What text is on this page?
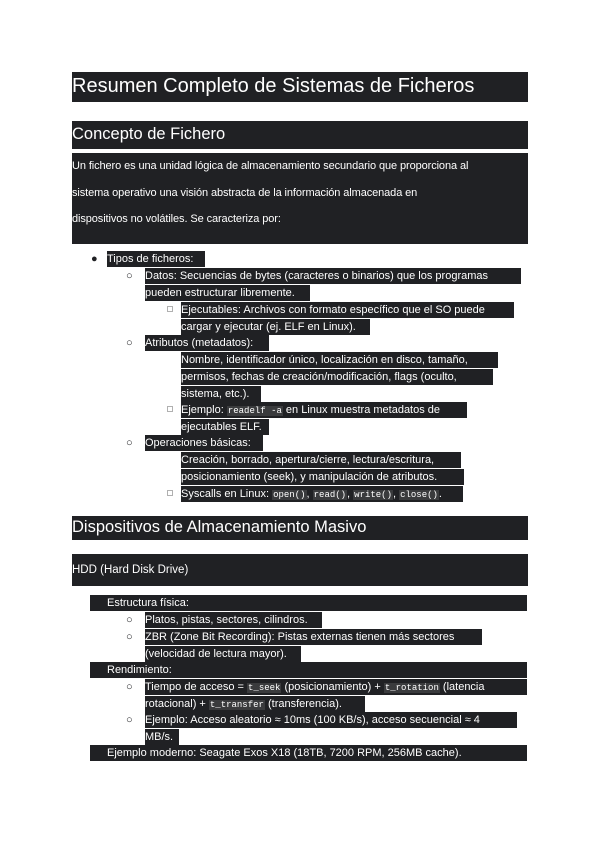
Resumen Completo de Sistemas de Ficheros
Concepto de Fichero
Un fichero es una unidad lógica de almacenamiento secundario que proporciona al
sistema operativo una visión abstracta de la información almacenada en
dispositivos no volátiles. Se caracteriza por:
● Tipos de ficheros:
○ Datos: Secuencias de bytes (caracteres o binarios) que los programas
pueden estructurar libremente.
Ejecutables: Archivos con formato específico que el SO puede
cargar y ejecutar (ej. ELF en Linux).
○ Atributos (metadatos):
Nombre, identificador único, localización en disco, tamaño,
permisos, fechas de creación/modificación, flags (oculto,
sistema, etc.).
Ejemplo: readelf -a en Linux muestra metadatos de
ejecutables ELF.
○ Operaciones básicas:
Creación, borrado, apertura/cierre, lectura/escritura,
posicionamiento (seek), y manipulación de atributos.
Syscalls en Linux: open(), read(), write(), close().
Dispositivos de Almacenamiento Masivo
HDD (Hard Disk Drive)
Estructura física:
○ Platos, pistas, sectores, cilindros.
○ ZBR (Zone Bit Recording): Pistas externas tienen más sectores
(velocidad de lectura mayor).
Rendimiento:
○ Tiempo de acceso = t_seek (posicionamiento) + t_rotation (latencia
rotacional) + t_transfer (transferencia).
○ Ejemplo: Acceso aleatorio ≈ 10ms (100 KB/s), acceso secuencial ≈ 4
MB/s.
Ejemplo moderno: Seagate Exos X18 (18TB, 7200 RPM, 256MB cache).
